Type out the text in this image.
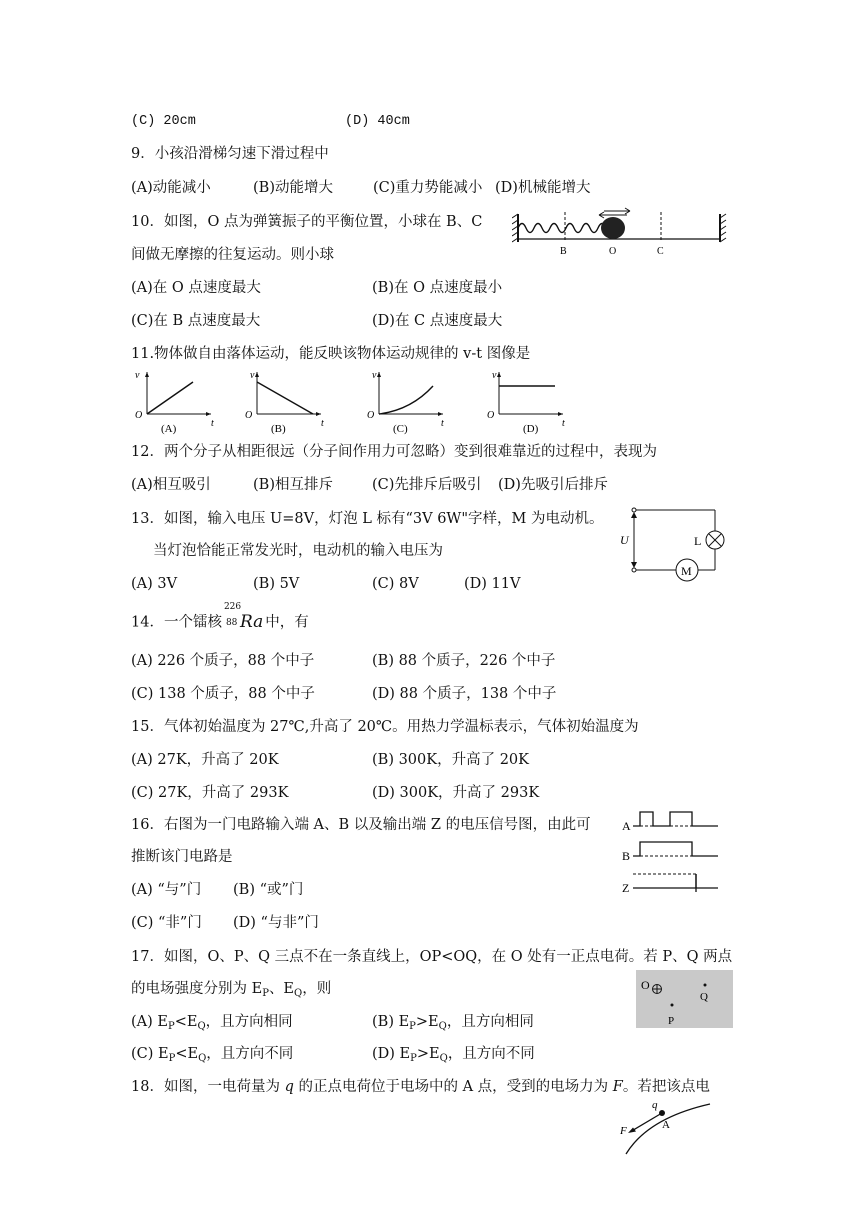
(C) 20cm	(D) 40cm
9．小孩沿滑梯匀速下滑过程中
(A)动能减小	(B)动能增大	(C)重力势能减小 (D)机械能增大
10．如图，O 点为弹簧振子的平衡位置，小球在 B、C
间做无摩擦的往复运动。则小球
(A)在 O 点速度最大	(B)在 O 点速度最小
(C)在 B 点速度最大	(D)在 C 点速度最大
B	O	C
11.物体做自由落体运动，能反映该物体运动规律的 v-t 图像是
v
O
t
(A)
v
O
t
(B)
v
O
t
(C)
v
O
t
(D)
12．两个分子从相距很远（分子间作用力可忽略）变到很难靠近的过程中，表现为
(A)相互吸引	(B)相互排斥	(C)先排斥后吸引 (D)先吸引后排斥
13．如图，输入电压 U=8V，灯泡 L 标有“3V 6W"字样，M 为电动机。
当灯泡恰能正常发光时，电动机的输入电压为
(A) 3V	(B) 5V	(C) 8V	(D) 11V
M
U	L
14．一个镭核
226
88 Ra 中，有
(A) 226 个质子，88 个中子	(B) 88 个质子，226 个中子
(C) 138 个质子，88 个中子	(D) 88 个质子，138 个中子
15．气体初始温度为 27℃,升高了 20℃。用热力学温标表示，气体初始温度为
(A) 27K，升高了 20K	(B) 300K，升高了 20K
(C) 27K，升高了 293K	(D) 300K，升高了 293K
16．右图为一门电路输入端 A、B 以及输出端 Z 的电压信号图，由此可
推断该门电路是
(A) “与”门 (B) “或”门
(C) “非”门 (D) “与非”门
A
B
Z
17．如图，O、P、Q 三点不在一条直线上，OP<OQ，在 O 处有一正点电荷。若 P、Q 两点
的电场强度分别为 $E_P$、$E_Q$，则
(A) $E_P<E_Q$，且方向相同	(B) $E_P>E_Q$，且方向相同
(C) $E_P<E_Q$，且方向不同	(D) $E_P>E_Q$，且方向不同
O
P
Q
18．如图，一电荷量为 q 的正点电荷位于电场中的 A 点，受到的电场力为 F。若把该点电
q
A
F
